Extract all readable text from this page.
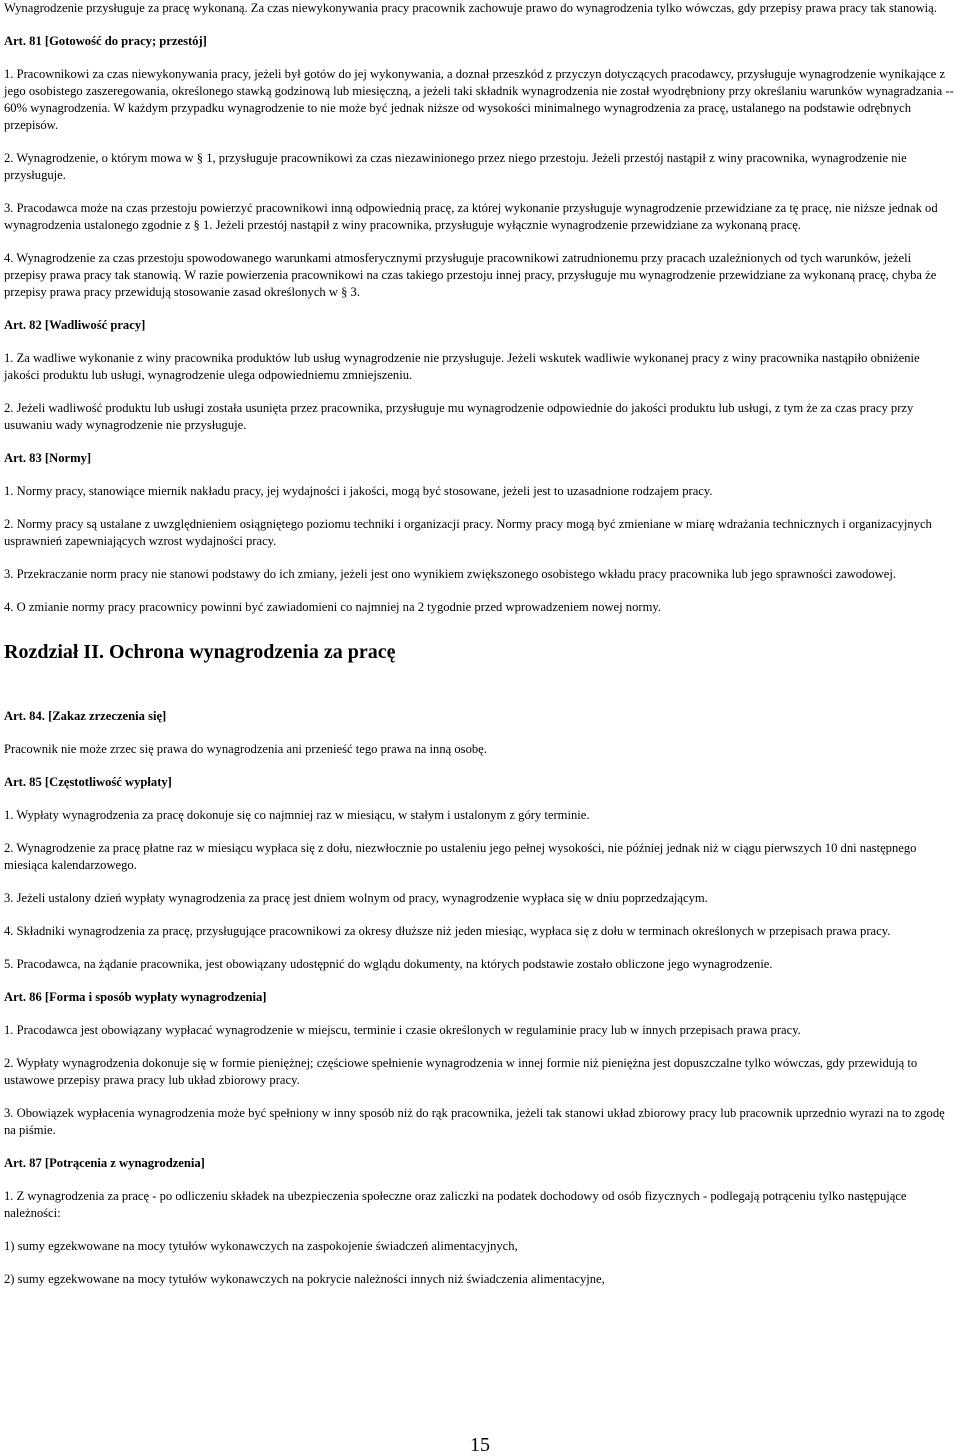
Wynagrodzenie przysługuje za pracę wykonaną. Za czas niewykonywania pracy pracownik zachowuje prawo do wynagrodzenia tylko wówczas, gdy przepisy prawa pracy tak stanowią.

Art. 81 [Gotowość do pracy; przestój]

1. Pracownikowi za czas niewykonywania pracy, jeżeli był gotów do jej wykonywania, a doznał przeszkód z przyczyn dotyczących pracodawcy, przysługuje wynagrodzenie wynikające z jego osobistego zaszeregowania, określonego stawką godzinową lub miesięczną, a jeżeli taki składnik wynagrodzenia nie został wyodrębniony przy określaniu warunków wynagradzania -- 60% wynagrodzenia. W każdym przypadku wynagrodzenie to nie może być jednak niższe od wysokości minimalnego wynagrodzenia za pracę, ustalanego na podstawie odrębnych przepisów.

2. Wynagrodzenie, o którym mowa w § 1, przysługuje pracownikowi za czas niezawinionego przez niego przestoju. Jeżeli przestój nastąpił z winy pracownika, wynagrodzenie nie przysługuje.

3. Pracodawca może na czas przestoju powierzyć pracownikowi inną odpowiednią pracę, za której wykonanie przysługuje wynagrodzenie przewidziane za tę pracę, nie niższe jednak od wynagrodzenia ustalonego zgodnie z § 1. Jeżeli przestój nastąpił z winy pracownika, przysługuje wyłącznie wynagrodzenie przewidziane za wykonaną pracę.

4. Wynagrodzenie za czas przestoju spowodowanego warunkami atmosferycznymi przysługuje pracownikowi zatrudnionemu przy pracach uzależnionych od tych warunków, jeżeli przepisy prawa pracy tak stanowią. W razie powierzenia pracownikowi na czas takiego przestoju innej pracy, przysługuje mu wynagrodzenie przewidziane za wykonaną pracę, chyba że przepisy prawa pracy przewidują stosowanie zasad określonych w § 3.

Art. 82 [Wadliwość pracy]

1. Za wadliwe wykonanie z winy pracownika produktów lub usług wynagrodzenie nie przysługuje. Jeżeli wskutek wadliwie wykonanej pracy z winy pracownika nastąpiło obniżenie jakości produktu lub usługi, wynagrodzenie ulega odpowiedniemu zmniejszeniu.

2. Jeżeli wadliwość produktu lub usługi została usunięta przez pracownika, przysługuje mu wynagrodzenie odpowiednie do jakości produktu lub usługi, z tym że za czas pracy przy usuwaniu wady wynagrodzenie nie przysługuje.

Art. 83 [Normy]

1. Normy pracy, stanowiące miernik nakładu pracy, jej wydajności i jakości, mogą być stosowane, jeżeli jest to uzasadnione rodzajem pracy.

2. Normy pracy są ustalane z uwzględnieniem osiągniętego poziomu techniki i organizacji pracy. Normy pracy mogą być zmieniane w miarę wdrażania technicznych i organizacyjnych usprawnień zapewniających wzrost wydajności pracy.

3. Przekraczanie norm pracy nie stanowi podstawy do ich zmiany, jeżeli jest ono wynikiem zwiększonego osobistego wkładu pracy pracownika lub jego sprawności zawodowej.

4. O zmianie normy pracy pracownicy powinni być zawiadomieni co najmniej na 2 tygodnie przed wprowadzeniem nowej normy.

Rozdział II. Ochrona wynagrodzenia za pracę

Art. 84. [Zakaz zrzeczenia się]

Pracownik nie może zrzec się prawa do wynagrodzenia ani przenieść tego prawa na inną osobę.

Art. 85 [Częstotliwość wypłaty]

1. Wypłaty wynagrodzenia za pracę dokonuje się co najmniej raz w miesiącu, w stałym i ustalonym z góry terminie.

2. Wynagrodzenie za pracę płatne raz w miesiącu wypłaca się z dołu, niezwłocznie po ustaleniu jego pełnej wysokości, nie później jednak niż w ciągu pierwszych 10 dni następnego miesiąca kalendarzowego.

3. Jeżeli ustalony dzień wypłaty wynagrodzenia za pracę jest dniem wolnym od pracy, wynagrodzenie wypłaca się w dniu poprzedzającym.

4. Składniki wynagrodzenia za pracę, przysługujące pracownikowi za okresy dłuższe niż jeden miesiąc, wypłaca się z dołu w terminach określonych w przepisach prawa pracy.

5. Pracodawca, na żądanie pracownika, jest obowiązany udostępnić do wglądu dokumenty, na których podstawie zostało obliczone jego wynagrodzenie.

Art. 86 [Forma i sposób wypłaty wynagrodzenia]

1. Pracodawca jest obowiązany wypłacać wynagrodzenie w miejscu, terminie i czasie określonych w regulaminie pracy lub w innych przepisach prawa pracy.

2. Wypłaty wynagrodzenia dokonuje się w formie pieniężnej; częściowe spełnienie wynagrodzenia w innej formie niż pieniężna jest dopuszczalne tylko wówczas, gdy przewidują to ustawowe przepisy prawa pracy lub układ zbiorowy pracy.

3. Obowiązek wypłacenia wynagrodzenia może być spełniony w inny sposób niż do rąk pracownika, jeżeli tak stanowi układ zbiorowy pracy lub pracownik uprzednio wyrazi na to zgodę na piśmie.

Art. 87 [Potrącenia z wynagrodzenia]

1. Z wynagrodzenia za pracę - po odliczeniu składek na ubezpieczenia społeczne oraz zaliczki na podatek dochodowy od osób fizycznych - podlegają potrąceniu tylko następujące należności:

1) sumy egzekwowane na mocy tytułów wykonawczych na zaspokojenie świadczeń alimentacyjnych,

2) sumy egzekwowane na mocy tytułów wykonawczych na pokrycie należności innych niż świadczenia alimentacyjne,

15
